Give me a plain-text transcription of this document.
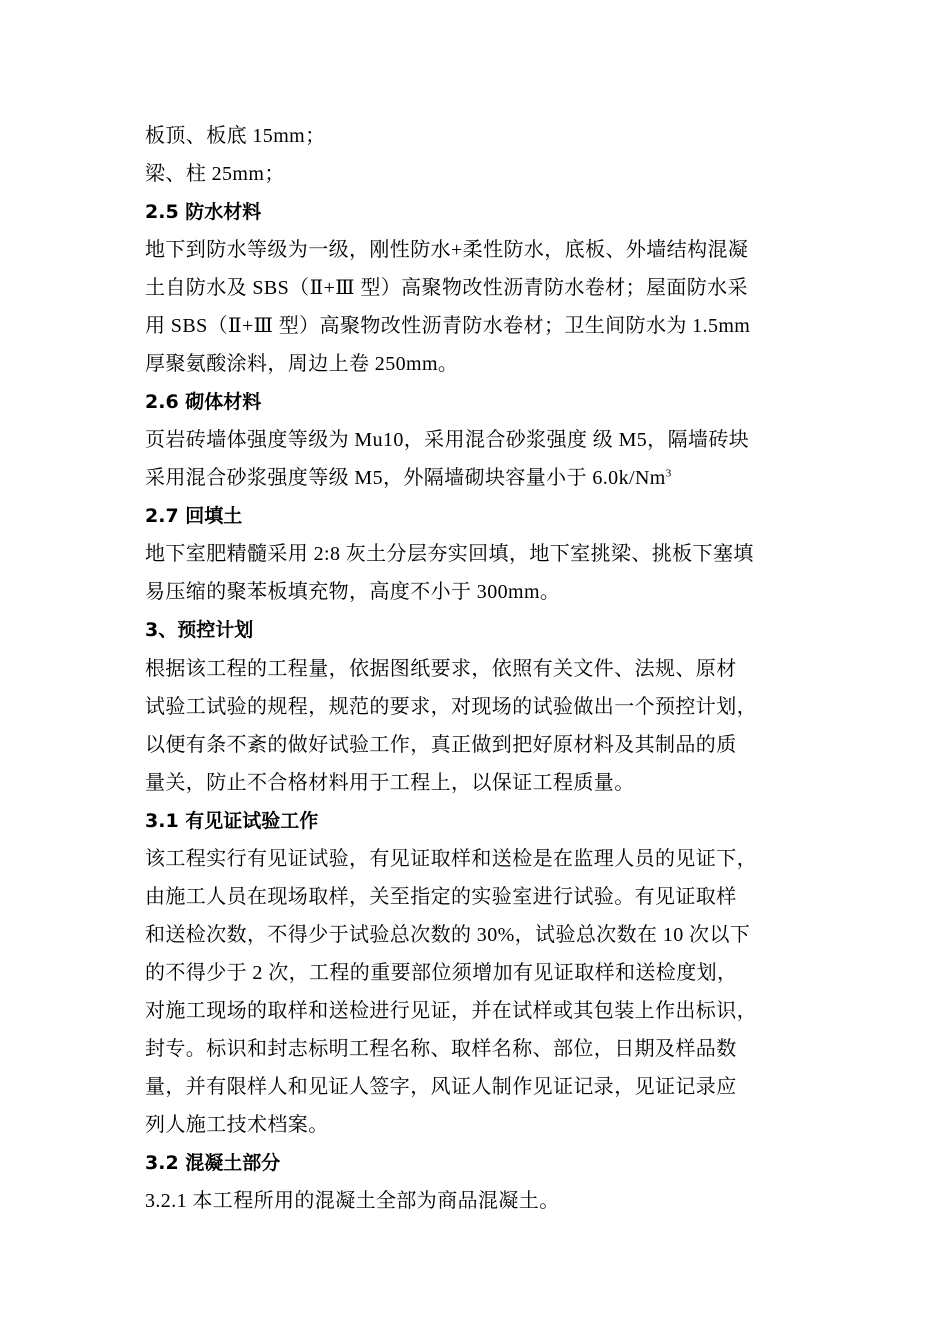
板顶、板底 15mm；
梁、柱 25mm；
2.5 防水材料
地下到防水等级为一级，刚性防水+柔性防水，底板、外墙结构混凝
土自防水及 SBS（Ⅱ+Ⅲ 型）高聚物改性沥青防水卷材；屋面防水采
用 SBS（Ⅱ+Ⅲ 型）高聚物改性沥青防水卷材；卫生间防水为 1.5mm
厚聚氨酸涂料，周边上卷 250mm。
2.6 砌体材料
页岩砖墙体强度等级为 Mu10，采用混合砂浆强度 级 M5，隔墙砖块
采用混合砂浆强度等级 M5，外隔墙砌块容量小于 6.0k/Nm$^3$
2.7 回填土
地下室肥精髓采用 2:8 灰土分层夯实回填，地下室挑梁、挑板下塞填
易压缩的聚苯板填充物，高度不小于 300mm。
3、预控计划
根据该工程的工程量，依据图纸要求，依照有关文件、法规、原材
试验工试验的规程，规范的要求，对现场的试验做出一个预控计划，
以便有条不紊的做好试验工作，真正做到把好原材料及其制品的质
量关，防止不合格材料用于工程上，以保证工程质量。
3.1 有见证试验工作
该工程实行有见证试验，有见证取样和送检是在监理人员的见证下，
由施工人员在现场取样，关至指定的实验室进行试验。有见证取样
和送检次数，不得少于试验总次数的 30%，试验总次数在 10 次以下
的不得少于 2 次，工程的重要部位须增加有见证取样和送检度划，
对施工现场的取样和送检进行见证，并在试样或其包装上作出标识，
封专。标识和封志标明工程名称、取样名称、部位，日期及样品数
量，并有限样人和见证人签字，风证人制作见证记录，见证记录应
列人施工技术档案。
3.2 混凝土部分
3.2.1 本工程所用的混凝土全部为商品混凝土。
